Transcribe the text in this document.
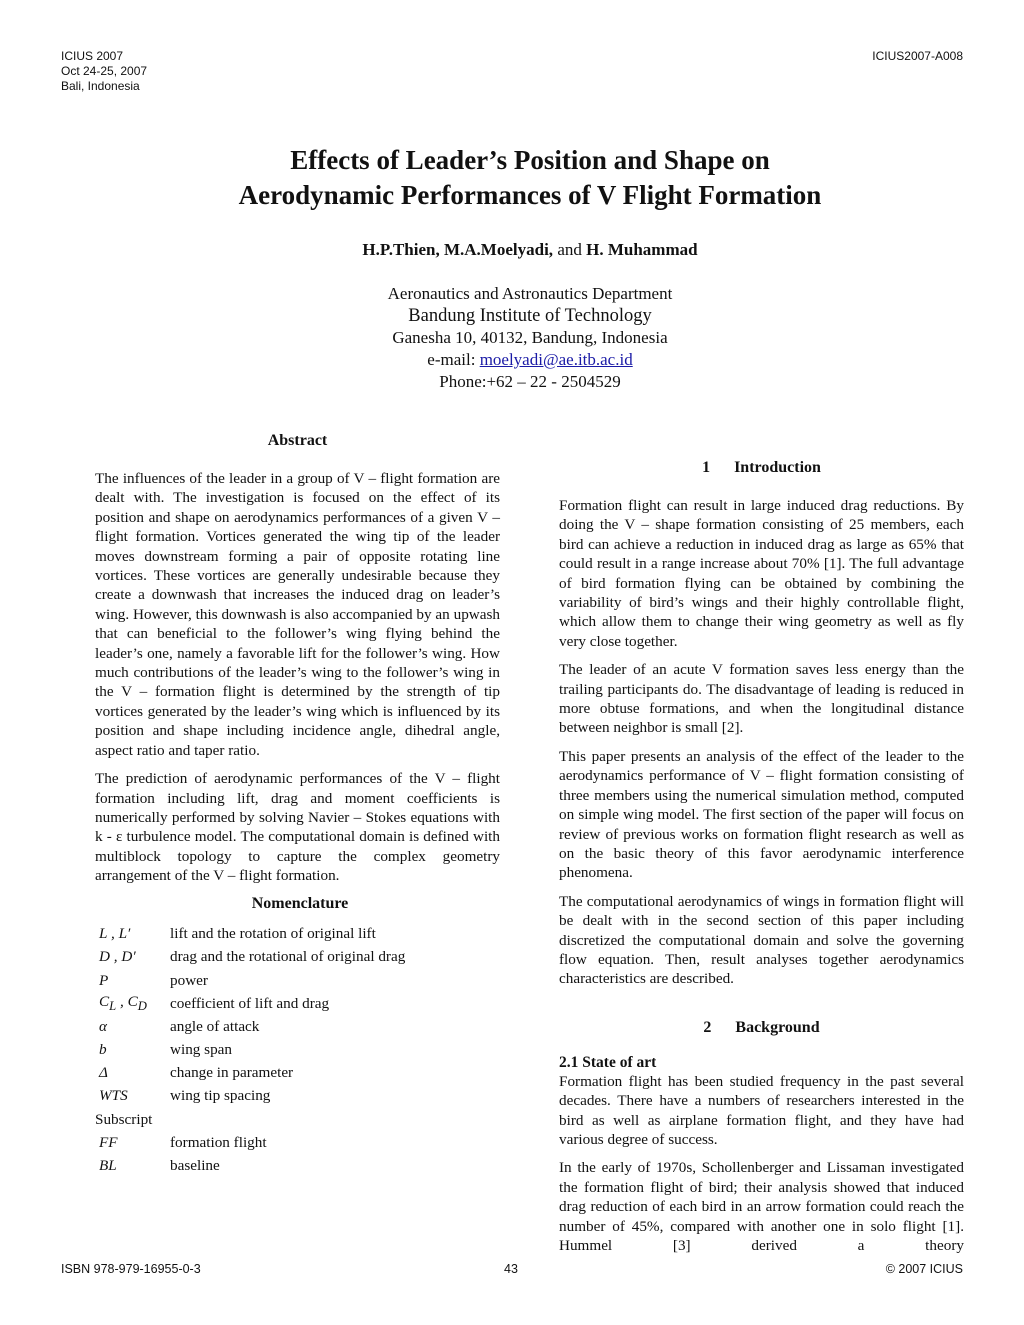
ICIUS 2007
Oct 24-25, 2007
Bali, Indonesia
ICIUS2007-A008
Effects of Leader’s Position and Shape on
Aerodynamic Performances of V Flight Formation
H.P.Thien, M.A.Moelyadi, and H. Muhammad
Aeronautics and Astronautics Department
Bandung Institute of Technology
Ganesha 10, 40132, Bandung, Indonesia
e-mail: moelyadi@ae.itb.ac.id
Phone:+62 – 22 - 2504529

Abstract

The influences of the leader in a group of V – flight formation are dealt with. The investigation is focused on the effect of its position and shape on aerodynamics performances of a given V – flight formation. Vortices generated the wing tip of the leader moves downstream forming a pair of opposite rotating line vortices. These vortices are generally undesirable because they create a downwash that increases the induced drag on leader’s wing. However, this downwash is also accompanied by an upwash that can beneficial to the follower’s wing flying behind the leader’s one, namely a favorable lift for the follower’s wing. How much contributions of the leader’s wing to the follower’s wing in the V – formation flight is determined by the strength of tip vortices generated by the leader’s wing which is influenced by its position and shape including incidence angle, dihedral angle, aspect ratio and taper ratio.

The prediction of aerodynamic performances of the V – flight formation including lift, drag and moment coefficients is numerically performed by solving Navier – Stokes equations with k - ε turbulence model. The computational domain is defined with multiblock topology to capture the complex geometry arrangement of the V – flight formation.

Nomenclature

L , L′	lift and the rotation of original lift
D , D′	drag and the rotational of original drag
P	power
$C_L$ , $C_D$	coefficient of lift and drag
α	angle of attack
b	wing span
Δ	change in parameter
WTS	wing tip spacing
Subscript	
FF	formation flight
BL	baseline

1      Introduction

Formation flight can result in large induced drag reductions. By doing the V – shape formation consisting of 25 members, each bird can achieve a reduction in induced drag as large as 65% that could result in a range increase about 70% [1]. The full advantage of bird formation flying can be obtained by combining the variability of bird’s wings and their highly controllable flight, which allow them to change their wing geometry as well as fly very close together.

The leader of an acute V formation saves less energy than the trailing participants do. The disadvantage of leading is reduced in more obtuse formations, and when the longitudinal distance between neighbor is small [2].

This paper presents an analysis of the effect of the leader to the aerodynamics performance of V – flight formation consisting of three members using the numerical simulation method, computed on simple wing model. The first section of the paper will focus on review of previous works on formation flight research as well as on the basic theory of this favor aerodynamic interference phenomena.

The computational aerodynamics of wings in formation flight will be dealt with in the second section of this paper including discretized the computational domain and solve the governing flow equation. Then, result analyses together aerodynamics characteristics are described.

2      Background

2.1 State of art

Formation flight has been studied frequency in the past several decades. There have a numbers of researchers interested in the bird as well as airplane formation flight, and they have had various degree of success.

In the early of 1970s, Schollenberger and Lissaman investigated the formation flight of bird; their analysis showed that induced drag reduction of each bird in an arrow formation could reach the number of 45%, compared with another one in solo flight [1]. Hummel [3] derived a theory

ISBN 978-979-16955-0-3	43	© 2007 ICIUS
